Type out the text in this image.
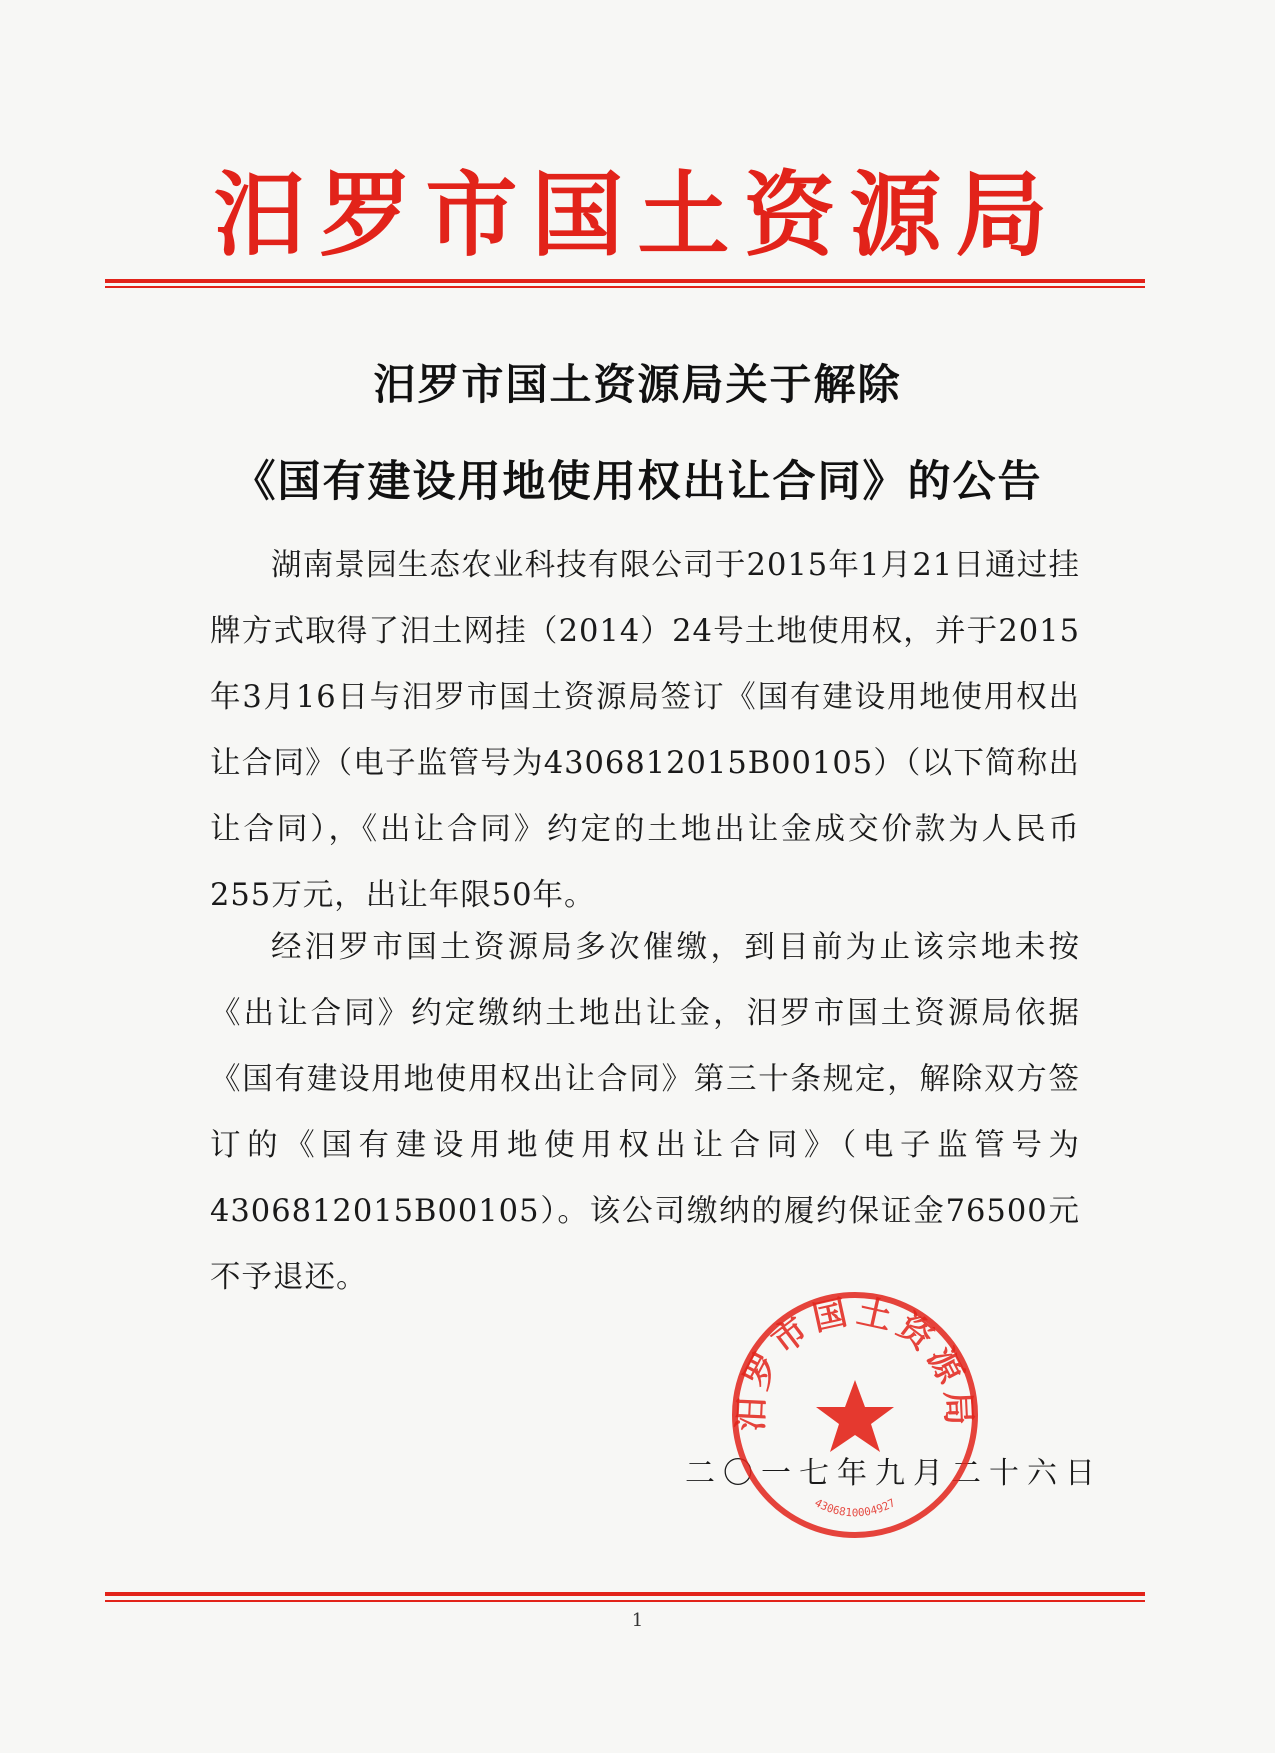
汨罗市国土资源局
汨罗市国土资源局关于解除
《国有建设用地使用权出让合同》的公告

湖南景园生态农业科技有限公司于2015年1月21日通过挂牌方式取得了汨土网挂（2014）24号土地使用权，并于2015年3月16日与汨罗市国土资源局签订《国有建设用地使用权出让合同》（电子监管号为4306812015B00105）（以下简称出让合同），《出让合同》约定的土地出让金成交价款为人民币255万元，出让年限50年。

经汨罗市国土资源局多次催缴，到目前为止该宗地未按《出让合同》约定缴纳土地出让金，汨罗市国土资源局依据《国有建设用地使用权出让合同》第三十条规定，解除双方签订的《国有建设用地使用权出让合同》（电子监管号为4306812015B00105）。该公司缴纳的履约保证金76500元不予退还。

二〇一七年九月二十六日
汨罗市国土资源局
4306810004927
1
